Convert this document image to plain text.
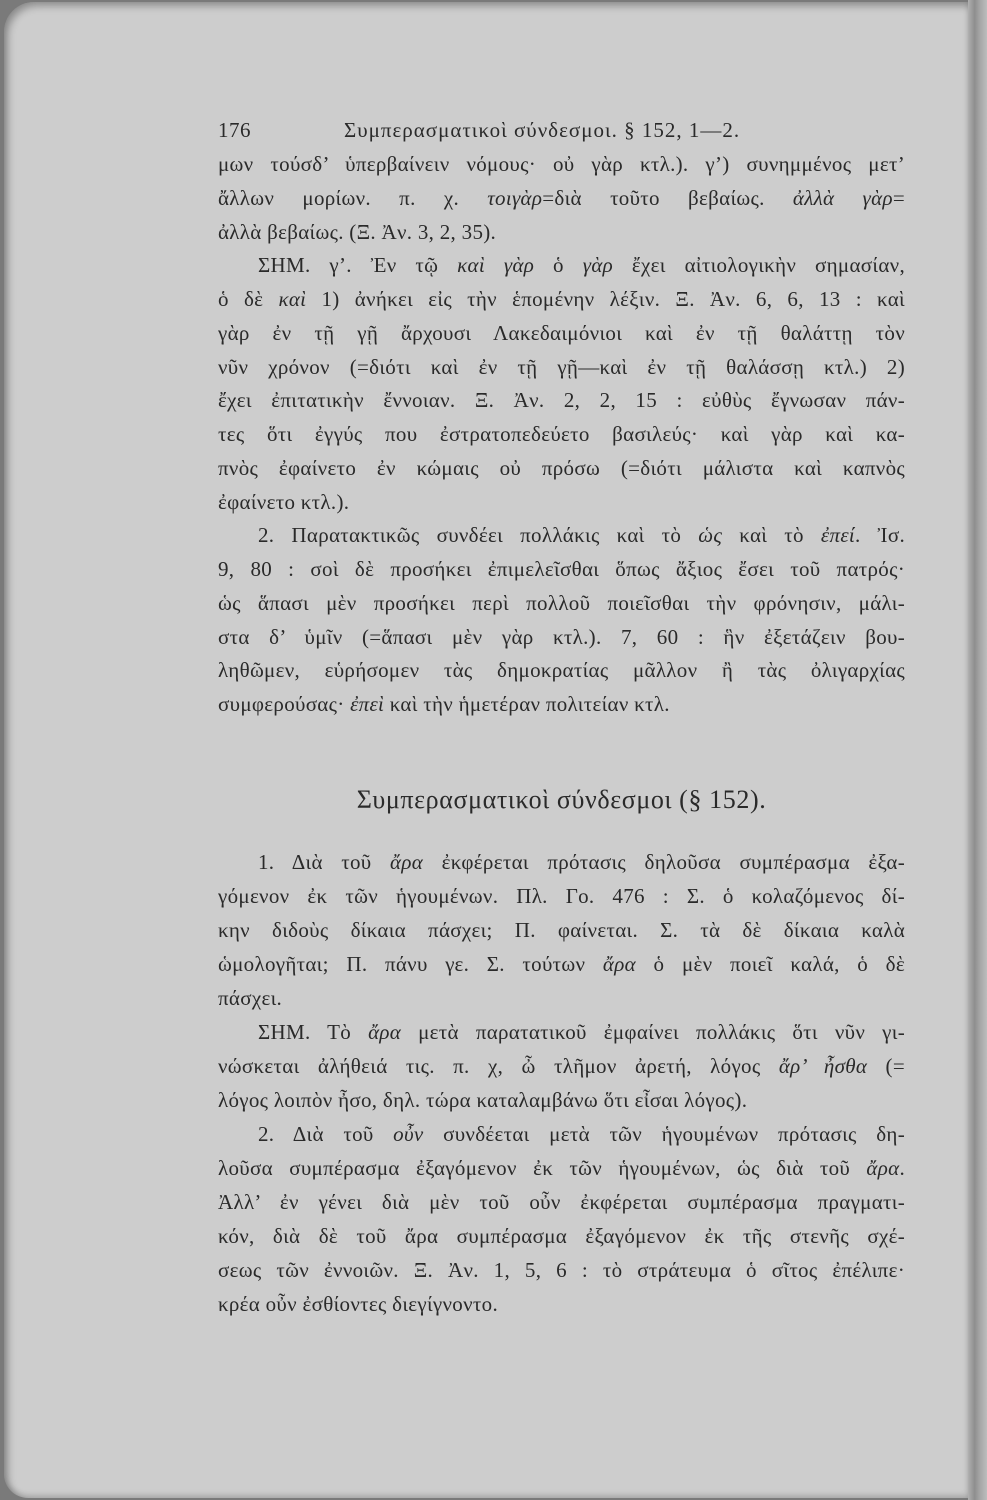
176	Συμπερασματικοὶ σύνδεσμοι. § 152, 1—2.
μων τούσδ’ ὑπερβαίνειν νόμους· οὐ γὰρ κτλ.). γ’) συνημμένος μετ’
ἄλλων μορίων. π. χ. τοιγὰρ=διὰ τοῦτο βεβαίως. ἀλλὰ γὰρ=
ἀλλὰ βεβαίως. (Ξ. Ἀν. 3, 2, 35).
ΣΗΜ. γ’. Ἐν τῷ καὶ γὰρ ὁ γὰρ ἔχει αἰτιολογικὴν σημασίαν,
ὁ δὲ καὶ 1) ἀνήκει εἰς τὴν ἑπομένην λέξιν. Ξ. Ἀν. 6, 6, 13 : καὶ
γὰρ ἐν τῇ γῇ ἄρχουσι Λακεδαιμόνιοι καὶ ἐν τῇ θαλάττῃ τὸν
νῦν χρόνον (=διότι καὶ ἐν τῇ γῇ—καὶ ἐν τῇ θαλάσσῃ κτλ.) 2)
ἔχει ἐπιτατικὴν ἔννοιαν. Ξ. Ἀν. 2, 2, 15 : εὐθὺς ἔγνωσαν πάν-
τες ὅτι ἐγγύς που ἐστρατοπεδεύετο βασιλεύς· καὶ γὰρ καὶ κα-
πνὸς ἐφαίνετο ἐν κώμαις οὐ πρόσω (=διότι μάλιστα καὶ καπνὸς
ἐφαίνετο κτλ.).
2. Παρατακτικῶς συνδέει πολλάκις καὶ τὸ ὡς καὶ τὸ ἐπεί. Ἰσ.
9, 80 : σοὶ δὲ προσήκει ἐπιμελεῖσθαι ὅπως ἄξιος ἔσει τοῦ πατρός·
ὡς ἅπασι μὲν προσήκει περὶ πολλοῦ ποιεῖσθαι τὴν φρόνησιν, μάλι-
στα δ’ ὑμῖν (=ἅπασι μὲν γὰρ κτλ.). 7, 60 : ἣν ἐξετάζειν βου-
ληθῶμεν, εὑρήσομεν τὰς δημοκρατίας μᾶλλον ἢ τὰς ὀλιγαρχίας
συμφερούσας· ἐπεὶ καὶ τὴν ἡμετέραν πολιτείαν κτλ.
Συμπερασματικοὶ σύνδεσμοι (§ 152).
1. Διὰ τοῦ ἄρα ἐκφέρεται πρότασις δηλοῦσα συμπέρασμα ἐξα-
γόμενον ἐκ τῶν ἡγουμένων. Πλ. Γο. 476 : Σ. ὁ κολαζόμενος δί-
κην διδοὺς δίκαια πάσχει; Π. φαίνεται. Σ. τὰ δὲ δίκαια καλὰ
ὡμολογῆται; Π. πάνυ γε. Σ. τούτων ἄρα ὁ μὲν ποιεῖ καλά, ὁ δὲ
πάσχει.
ΣΗΜ. Τὸ ἄρα μετὰ παρατατικοῦ ἐμφαίνει πολλάκις ὅτι νῦν γι-
νώσκεται ἀλήθειά τις. π. χ, ὦ τλῆμον ἀρετή, λόγος ἄρ’ ἦσθα (=
λόγος λοιπὸν ἦσο, δηλ. τώρα καταλαμβάνω ὅτι εἶσαι λόγος).
2. Διὰ τοῦ οὖν συνδέεται μετὰ τῶν ἡγουμένων πρότασις δη-
λοῦσα συμπέρασμα ἐξαγόμενον ἐκ τῶν ἡγουμένων, ὡς διὰ τοῦ ἄρα.
Ἀλλ’ ἐν γένει διὰ μὲν τοῦ οὖν ἐκφέρεται συμπέρασμα πραγματι-
κόν, διὰ δὲ τοῦ ἄρα συμπέρασμα ἐξαγόμενον ἐκ τῆς στενῆς σχέ-
σεως τῶν ἐννοιῶν. Ξ. Ἀν. 1, 5, 6 : τὸ στράτευμα ὁ σῖτος ἐπέλιπε·
κρέα οὖν ἐσθίοντες διεγίγνοντο.
